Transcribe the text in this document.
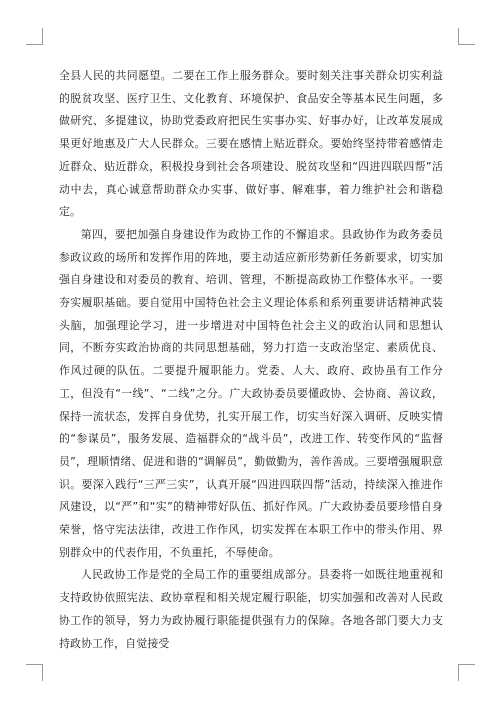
全县人民的共同愿望。二要在工作上服务群众。要时刻关注事关群众切实利益的脱贫攻坚、医疗卫生、文化教育、环境保护、食品安全等基本民生问题，多做研究、多提建议，协助党委政府把民生实事办实、好事办好，让改革发展成果更好地惠及广大人民群众。三要在感情上贴近群众。要始终坚持带着感情走近群众、贴近群众，积极投身到社会各项建设、脱贫攻坚和“四进四联四帮”活动中去，真心诚意帮助群众办实事、做好事、解难事，着力维护社会和谐稳定。

第四，要把加强自身建设作为政协工作的不懈追求。县政协作为政务委员参政议政的场所和发挥作用的阵地，要主动适应新形势新任务新要求，切实加强自身建设和对委员的教育、培训、管理，不断提高政协工作整体水平。一要夯实履职基础。要自觉用中国特色社会主义理论体系和系列重要讲话精神武装头脑，加强理论学习，进一步增进对中国特色社会主义的政治认同和思想认同，不断夯实政治协商的共同思想基础，努力打造一支政治坚定、素质优良、作风过硬的队伍。二要提升履职能力。党委、人大、政府、政协虽有工作分工，但没有“一线”、“二线”之分。广大政协委员要懂政协、会协商、善议政，保持一流状态，发挥自身优势，扎实开展工作，切实当好深入调研、反映实情的“参谋员”，服务发展、造福群众的“战斗员”，改进工作、转变作风的“监督员”，理顺情绪、促进和谐的“调解员”，勤做勤为，善作善成。三要增强履职意识。要深入践行“三严三实”，认真开展“四进四联四帮”活动，持续深入推进作风建设，以“严”和“实”的精神带好队伍、抓好作风。广大政协委员要珍惜自身荣誉，恪守宪法法律，改进工作作风，切实发挥在本职工作中的带头作用、界别群众中的代表作用，不负重托，不辱使命。

人民政协工作是党的全局工作的重要组成部分。县委将一如既往地重视和支持政协依照宪法、政协章程和相关规定履行职能，切实加强和改善对人民政协工作的领导，努力为政协履行职能提供强有力的保障。各地各部门要大力支持政协工作，自觉接受
